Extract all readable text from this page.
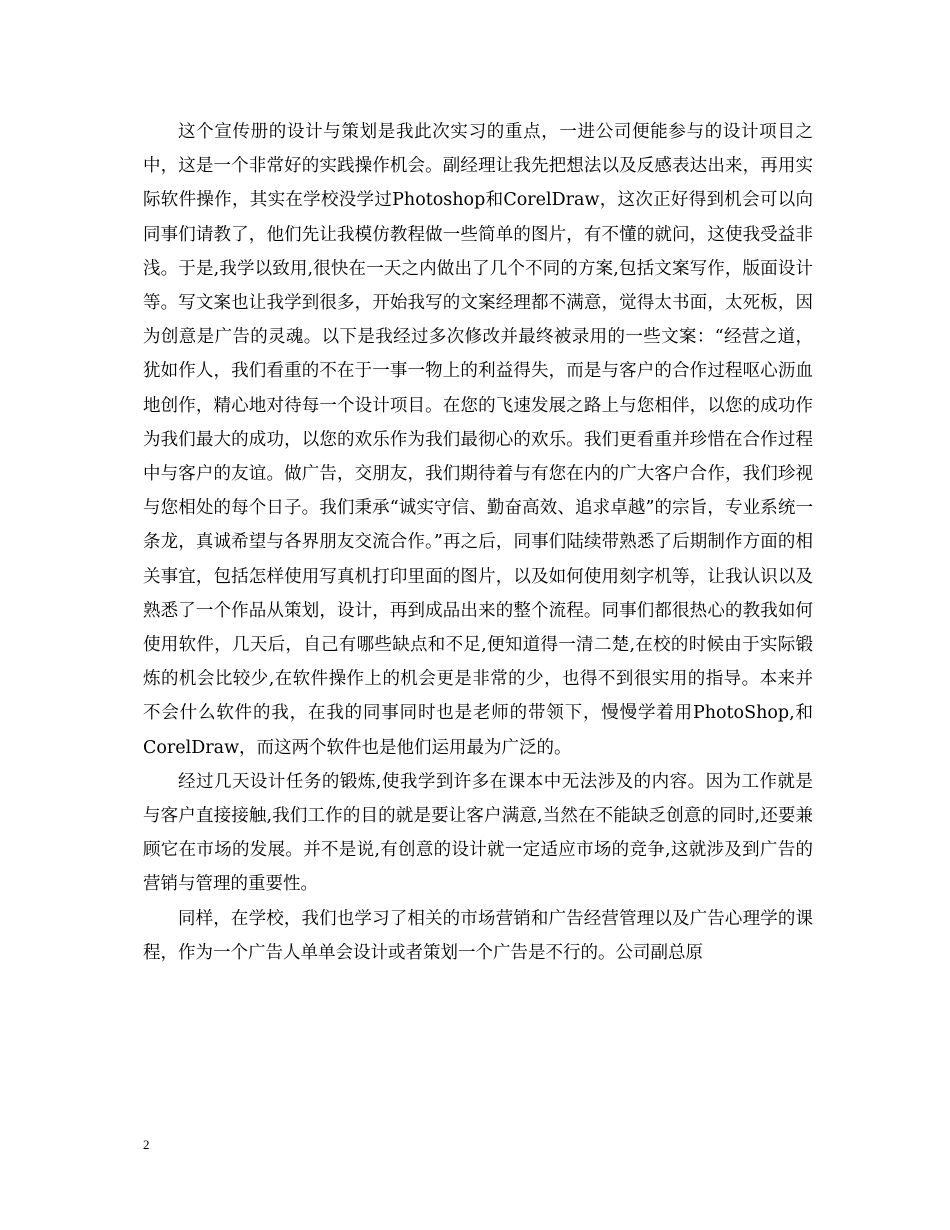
这个宣传册的设计与策划是我此次实习的重点，一进公司便能参与的设计项目之中，这是一个非常好的实践操作机会。副经理让我先把想法以及反感表达出来，再用实际软件操作，其实在学校没学过Photoshop和CorelDraw，这次正好得到机会可以向同事们请教了，他们先让我模仿教程做一些简单的图片，有不懂的就问，这使我受益非浅。于是,我学以致用,很快在一天之内做出了几个不同的方案,包括文案写作，版面设计等。写文案也让我学到很多，开始我写的文案经理都不满意，觉得太书面，太死板，因为创意是广告的灵魂。以下是我经过多次修改并最终被录用的一些文案：“经营之道，犹如作人，我们看重的不在于一事一物上的利益得失，而是与客户的合作过程呕心沥血地创作，精心地对待每一个设计项目。在您的飞速发展之路上与您相伴，以您的成功作为我们最大的成功，以您的欢乐作为我们最彻心的欢乐。我们更看重并珍惜在合作过程中与客户的友谊。做广告，交朋友，我们期待着与有您在内的广大客户合作，我们珍视与您相处的每个日子。我们秉承“诚实守信、勤奋高效、追求卓越”的宗旨，专业系统一条龙，真诚希望与各界朋友交流合作。”再之后，同事们陆续带熟悉了后期制作方面的相关事宜，包括怎样使用写真机打印里面的图片，以及如何使用刻字机等，让我认识以及熟悉了一个作品从策划，设计，再到成品出来的整个流程。同事们都很热心的教我如何使用软件，几天后，自己有哪些缺点和不足,便知道得一清二楚,在校的时候由于实际锻炼的机会比较少,在软件操作上的机会更是非常的少，也得不到很实用的指导。本来并不会什么软件的我，在我的同事同时也是老师的带领下，慢慢学着用PhotoShop,和CorelDraw，而这两个软件也是他们运用最为广泛的。

经过几天设计任务的锻炼,使我学到许多在课本中无法涉及的内容。因为工作就是与客户直接接触,我们工作的目的就是要让客户满意,当然在不能缺乏创意的同时,还要兼顾它在市场的发展。并不是说,有创意的设计就一定适应市场的竞争,这就涉及到广告的营销与管理的重要性。

同样，在学校，我们也学习了相关的市场营销和广告经营管理以及广告心理学的课程，作为一个广告人单单会设计或者策划一个广告是不行的。公司副总原

2
